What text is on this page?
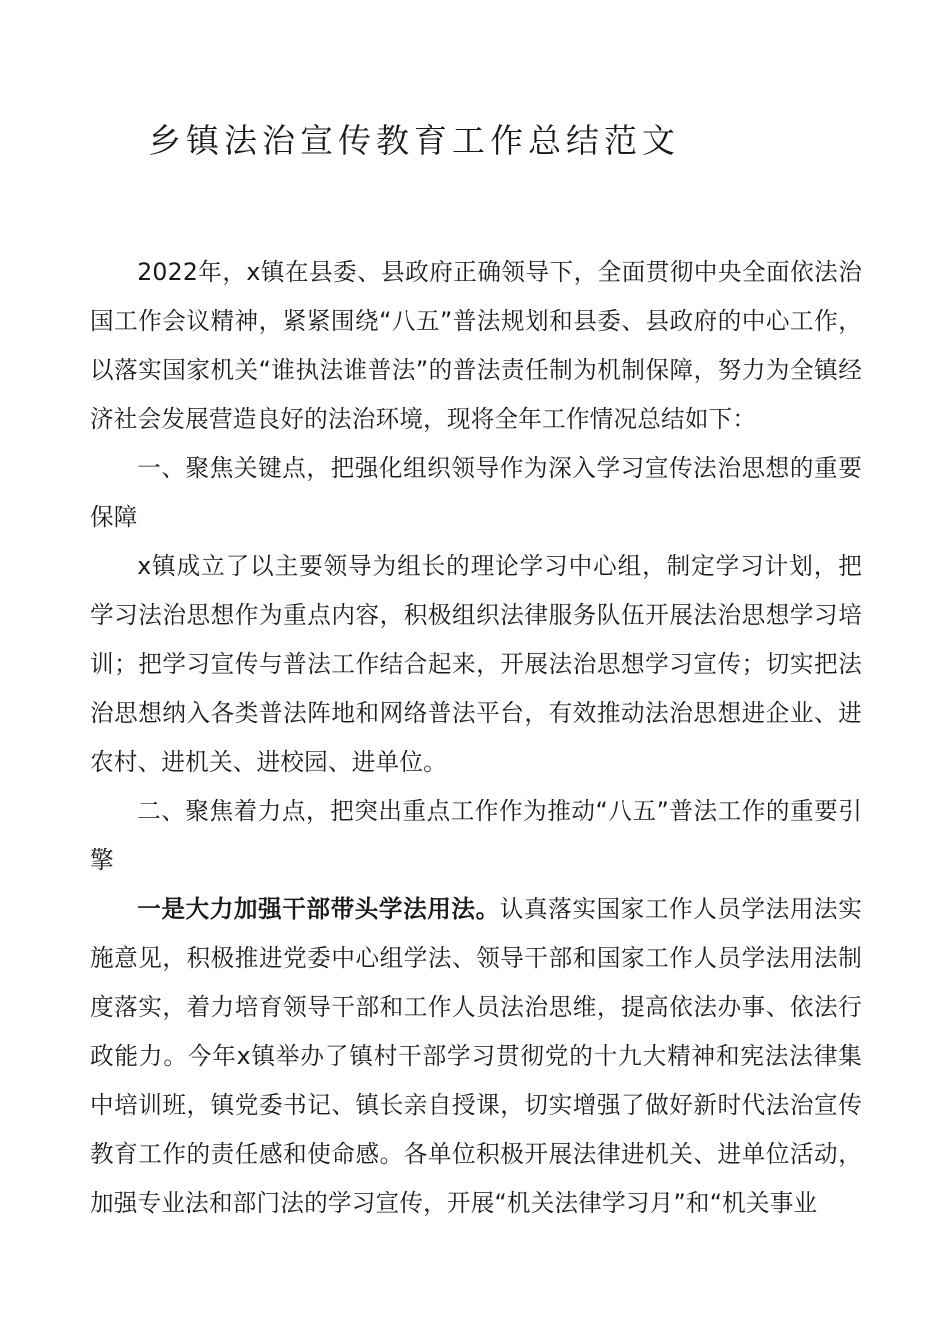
乡镇法治宣传教育工作总结范文

2022年，x镇在县委、县政府正确领导下，全面贯彻中央全面依法治国工作会议精神，紧紧围绕“八五”普法规划和县委、县政府的中心工作，以落实国家机关“谁执法谁普法”的普法责任制为机制保障，努力为全镇经济社会发展营造良好的法治环境，现将全年工作情况总结如下：

一、聚焦关键点，把强化组织领导作为深入学习宣传法治思想的重要保障

x镇成立了以主要领导为组长的理论学习中心组，制定学习计划，把学习法治思想作为重点内容，积极组织法律服务队伍开展法治思想学习培训；把学习宣传与普法工作结合起来，开展法治思想学习宣传；切实把法治思想纳入各类普法阵地和网络普法平台，有效推动法治思想进企业、进农村、进机关、进校园、进单位。

二、聚焦着力点，把突出重点工作作为推动“八五”普法工作的重要引擎

一是大力加强干部带头学法用法。认真落实国家工作人员学法用法实施意见，积极推进党委中心组学法、领导干部和国家工作人员学法用法制度落实，着力培育领导干部和工作人员法治思维，提高依法办事、依法行政能力。今年x镇举办了镇村干部学习贯彻党的十九大精神和宪法法律集中培训班，镇党委书记、镇长亲自授课，切实增强了做好新时代法治宣传教育工作的责任感和使命感。各单位积极开展法律进机关、进单位活动，加强专业法和部门法的学习宣传，开展“机关法律学习月”和“机关事业
